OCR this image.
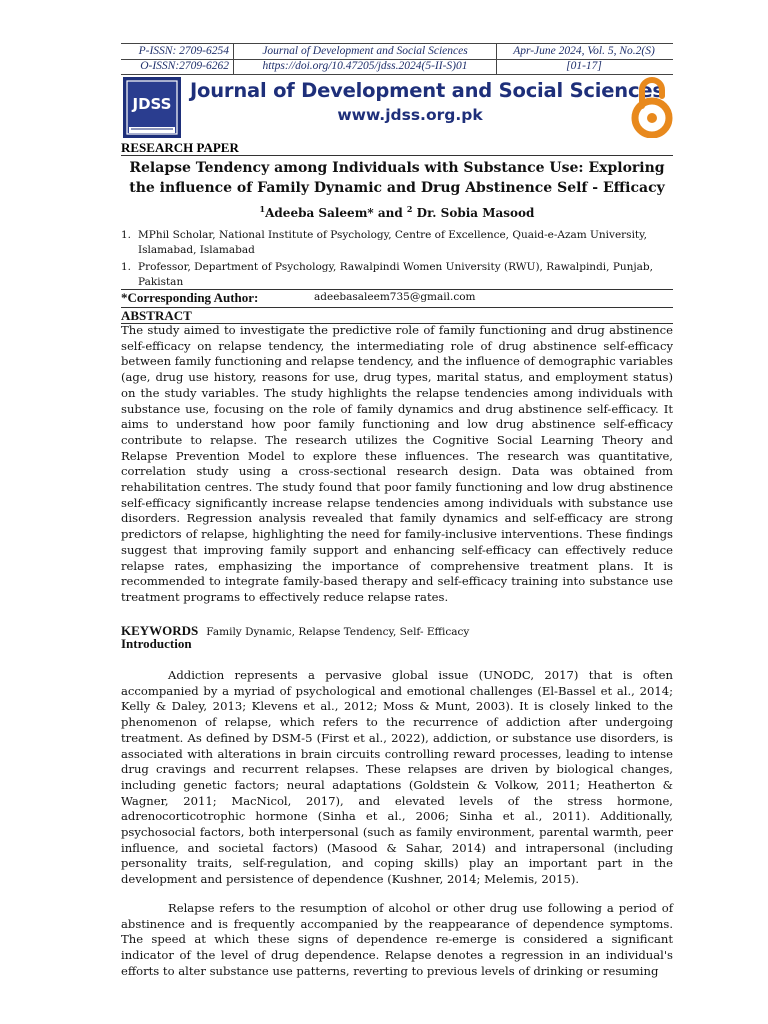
P-ISSN: 2709-6254	Journal of Development and Social Sciences	Apr-June 2024, Vol. 5, No.2(S)
O-ISSN:2709-6262	https://doi.org/10.47205/jdss.2024(5-II-S)01	[01-17]
JDSS
Journal of Development and Social Sciences
www.jdss.org.pk
RESEARCH PAPER
Relapse Tendency among Individuals with Substance Use: Exploring
the influence of Family Dynamic and Drug Abstinence Self - Efficacy
$^1$Adeeba Saleem* and $^2$ Dr. Sobia Masood
1. MPhil Scholar, National Institute of Psychology, Centre of Excellence, Quaid-e-Azam University, Islamabad, Islamabad
1. Professor, Department of Psychology, Rawalpindi Women University (RWU), Rawalpindi, Punjab, Pakistan
*Corresponding Author:	adeebasaleem735@gmail.com
ABSTRACT
The study aimed to investigate the predictive role of family functioning and drug abstinence self-efficacy on relapse tendency, the intermediating role of drug abstinence self-efficacy between family functioning and relapse tendency, and the influence of demographic variables (age, drug use history, reasons for use, drug types, marital status, and employment status) on the study variables. The study highlights the relapse tendencies among individuals with substance use, focusing on the role of family dynamics and drug abstinence self-efficacy. It aims to understand how poor family functioning and low drug abstinence self-efficacy contribute to relapse. The research utilizes the Cognitive Social Learning Theory and Relapse Prevention Model to explore these influences. The research was quantitative, correlation study using a cross-sectional research design. Data was obtained from rehabilitation centres. The study found that poor family functioning and low drug abstinence self-efficacy significantly increase relapse tendencies among individuals with substance use disorders. Regression analysis revealed that family dynamics and self-efficacy are strong predictors of relapse, highlighting the need for family-inclusive interventions. These findings suggest that improving family support and enhancing self-efficacy can effectively reduce relapse rates, emphasizing the importance of comprehensive treatment plans. It is recommended to integrate family-based therapy and self-efficacy training into substance use treatment programs to effectively reduce relapse rates.
KEYWORDS Family Dynamic, Relapse Tendency, Self- Efficacy
Introduction
Addiction represents a pervasive global issue (UNODC, 2017) that is often accompanied by a myriad of psychological and emotional challenges (El-Bassel et al., 2014; Kelly & Daley, 2013; Klevens et al., 2012; Moss & Munt, 2003). It is closely linked to the phenomenon of relapse, which refers to the recurrence of addiction after undergoing treatment. As defined by DSM-5 (First et al., 2022), addiction, or substance use disorders, is associated with alterations in brain circuits controlling reward processes, leading to intense drug cravings and recurrent relapses. These relapses are driven by biological changes, including genetic factors; neural adaptations (Goldstein & Volkow, 2011; Heatherton & Wagner, 2011; MacNicol, 2017), and elevated levels of the stress hormone, adrenocorticotrophic hormone (Sinha et al., 2006; Sinha et al., 2011). Additionally, psychosocial factors, both interpersonal (such as family environment, parental warmth, peer influence, and societal factors) (Masood & Sahar, 2014) and intrapersonal (including personality traits, self-regulation, and coping skills) play an important part in the development and persistence of dependence (Kushner, 2014; Melemis, 2015).
Relapse refers to the resumption of alcohol or other drug use following a period of abstinence and is frequently accompanied by the reappearance of dependence symptoms. The speed at which these signs of dependence re-emerge is considered a significant indicator of the level of drug dependence. Relapse denotes a regression in an individual's efforts to alter substance use patterns, reverting to previous levels of drinking or resuming
